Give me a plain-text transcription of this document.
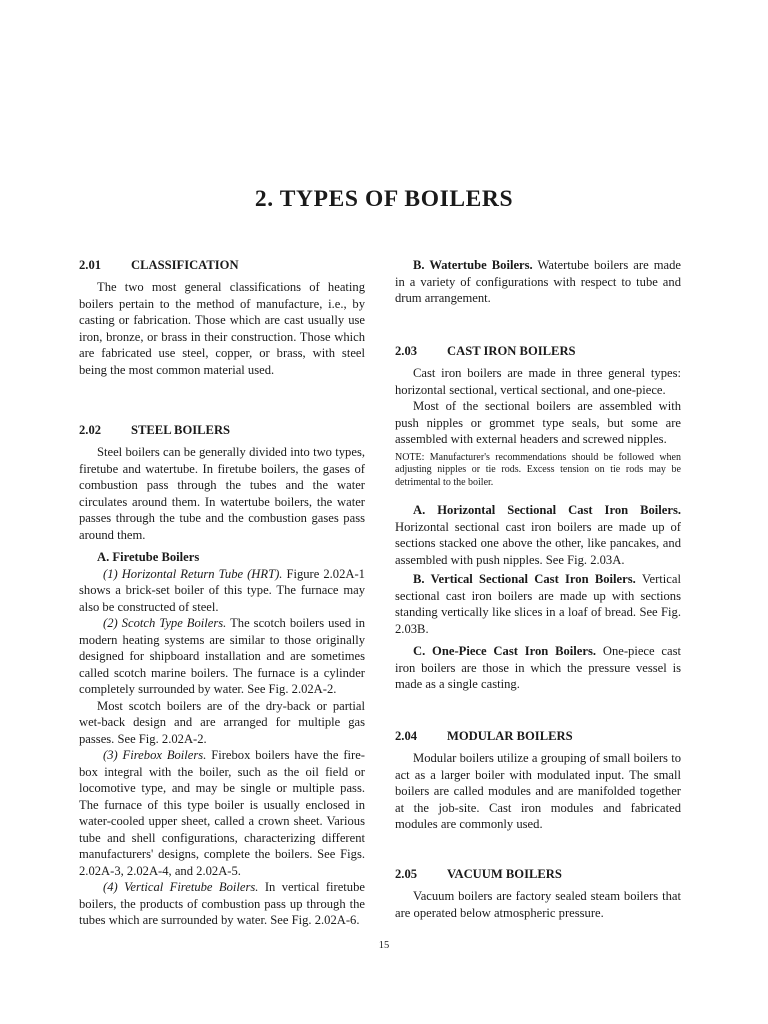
2. TYPES OF BOILERS
2.01 CLASSIFICATION

The two most general classifications of heating boilers pertain to the method of manufacture, i.e., by casting or fabrication. Those which are cast usually use iron, bronze, or brass in their construction. Those which are fabricated use steel, copper, or brass, with steel being the most common material used.

2.02 STEEL BOILERS

Steel boilers can be generally divided into two types, firetube and watertube. In firetube boilers, the gases of combustion pass through the tubes and the water circulates around them. In watertube boilers, the water passes through the tube and the combustion gases pass around them.

A. Firetube Boilers

(1) Horizontal Return Tube (HRT). Figure 2.02A-1 shows a brick-set boiler of this type. The furnace may also be constructed of steel.

(2) Scotch Type Boilers. The scotch boilers used in modern heating systems are similar to those originally designed for shipboard installation and are sometimes called scotch marine boilers. The furnace is a cylinder completely surrounded by water. See Fig. 2.02A-2.

Most scotch boilers are of the dry-back or partial wet-back design and are arranged for multiple gas passes. See Fig. 2.02A-2.

(3) Firebox Boilers. Firebox boilers have the fire-box integral with the boiler, such as the oil field or locomotive type, and may be single or multiple pass. The furnace of this type boiler is usually enclosed in water-cooled upper sheet, called a crown sheet. Various tube and shell configurations, characterizing different manufacturers' designs, complete the boilers. See Figs. 2.02A-3, 2.02A-4, and 2.02A-5.

(4) Vertical Firetube Boilers. In vertical firetube boilers, the products of combustion pass up through the tubes which are surrounded by water. See Fig. 2.02A-6.

B. Watertube Boilers. Watertube boilers are made in a variety of configurations with respect to tube and drum arrangement.

2.03 CAST IRON BOILERS

Cast iron boilers are made in three general types: horizontal sectional, vertical sectional, and one-piece.

Most of the sectional boilers are assembled with push nipples or grommet type seals, but some are assembled with external headers and screwed nipples.

NOTE: Manufacturer's recommendations should be followed when adjusting nipples or tie rods. Excess tension on tie rods may be detrimental to the boiler.

A. Horizontal Sectional Cast Iron Boilers. Horizontal sectional cast iron boilers are made up of sections stacked one above the other, like pancakes, and assembled with push nipples. See Fig. 2.03A.

B. Vertical Sectional Cast Iron Boilers. Vertical sectional cast iron boilers are made up with sections standing vertically like slices in a loaf of bread. See Fig. 2.03B.

C. One-Piece Cast Iron Boilers. One-piece cast iron boilers are those in which the pressure vessel is made as a single casting.

2.04 MODULAR BOILERS

Modular boilers utilize a grouping of small boilers to act as a larger boiler with modulated input. The small boilers are called modules and are manifolded together at the job-site. Cast iron modules and fabricated modules are commonly used.

2.05 VACUUM BOILERS

Vacuum boilers are factory sealed steam boilers that are operated below atmospheric pressure.

15
